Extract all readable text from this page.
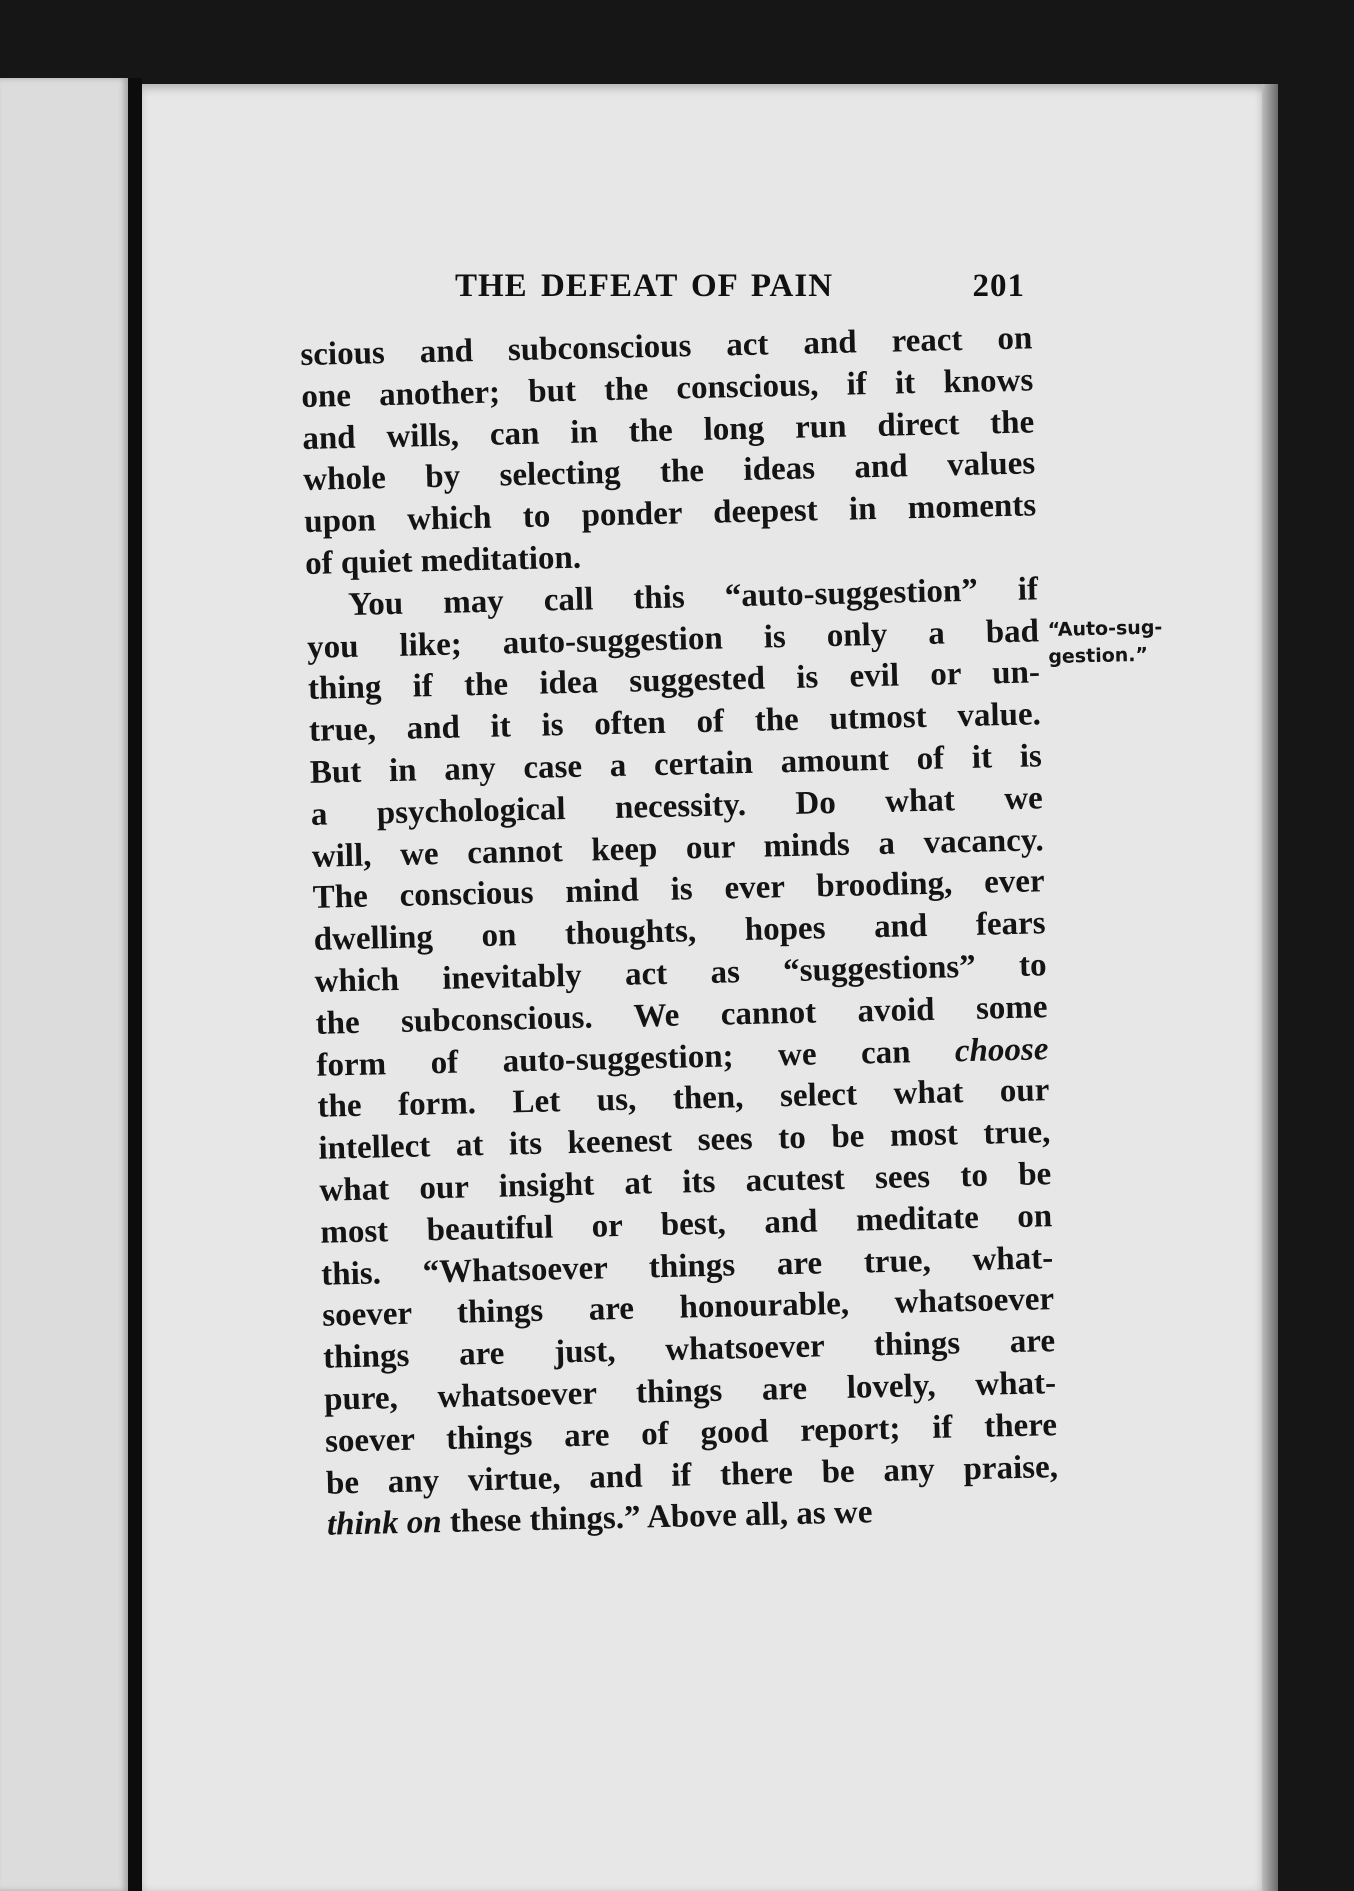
THE DEFEAT OF PAIN	201
scious and subconscious act and react on
one another; but the conscious, if it knows
and wills, can in the long run direct the
whole by selecting the ideas and values
upon which to ponder deepest in moments
of quiet meditation.
You may call this “auto-suggestion” if
you like; auto-suggestion is only a bad
thing if the idea suggested is evil or un-
true, and it is often of the utmost value.
But in any case a certain amount of it is
a psychological necessity. Do what we
will, we cannot keep our minds a vacancy.
The conscious mind is ever brooding, ever
dwelling on thoughts, hopes and fears
which inevitably act as “suggestions” to
the subconscious. We cannot avoid some
form of auto-suggestion; we can choose
the form. Let us, then, select what our
intellect at its keenest sees to be most true,
what our insight at its acutest sees to be
most beautiful or best, and meditate on
this. “Whatsoever things are true, what-
soever things are honourable, whatsoever
things are just, whatsoever things are
pure, whatsoever things are lovely, what-
soever things are of good report; if there
be any virtue, and if there be any praise,
think on these things.” Above all, as we
“Auto-sug-
gestion.”
